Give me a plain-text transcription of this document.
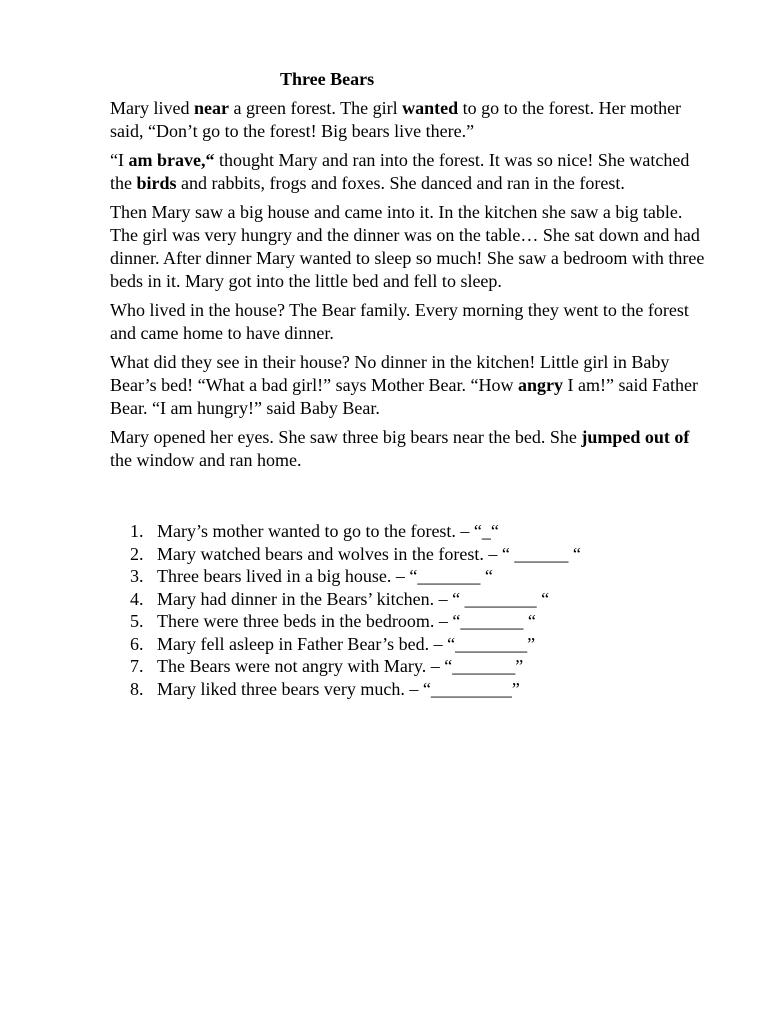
Three Bears

Mary lived near a green forest. The girl wanted to go to the forest. Her mother said, “Don’t go to the forest! Big bears live there.”

“I am brave,“ thought Mary and ran into the forest. It was so nice! She watched the birds and rabbits, frogs and foxes. She danced and ran in the forest.

Then Mary saw a big house and came into it. In the kitchen she saw a big table. The girl was very hungry and the dinner was on the table… She sat down and had dinner. After dinner Mary wanted to sleep so much! She saw a bedroom with three beds in it. Mary got into the little bed and fell to sleep.

Who lived in the house? The Bear family. Every morning they went to the forest and came home to have dinner.

What did they see in their house? No dinner in the kitchen! Little girl in Baby Bear’s bed! “What a bad girl!” says Mother Bear. “How angry I am!” said Father Bear. “I am hungry!” said Baby Bear.

Mary opened her eyes. She saw three big bears near the bed. She jumped out of the window and ran home.

1. Mary’s mother wanted to go to the forest. – “_“
2. Mary watched bears and wolves in the forest. – “ ______ “
3. Three bears lived in a big house. – “_______ “
4. Mary had dinner in the Bears’ kitchen. – “ ________ “
5. There were three beds in the bedroom. – “_______ “
6. Mary fell asleep in Father Bear’s bed. – “________”
7. The Bears were not angry with Mary. – “_______”
8. Mary liked three bears very much. – “_________”
